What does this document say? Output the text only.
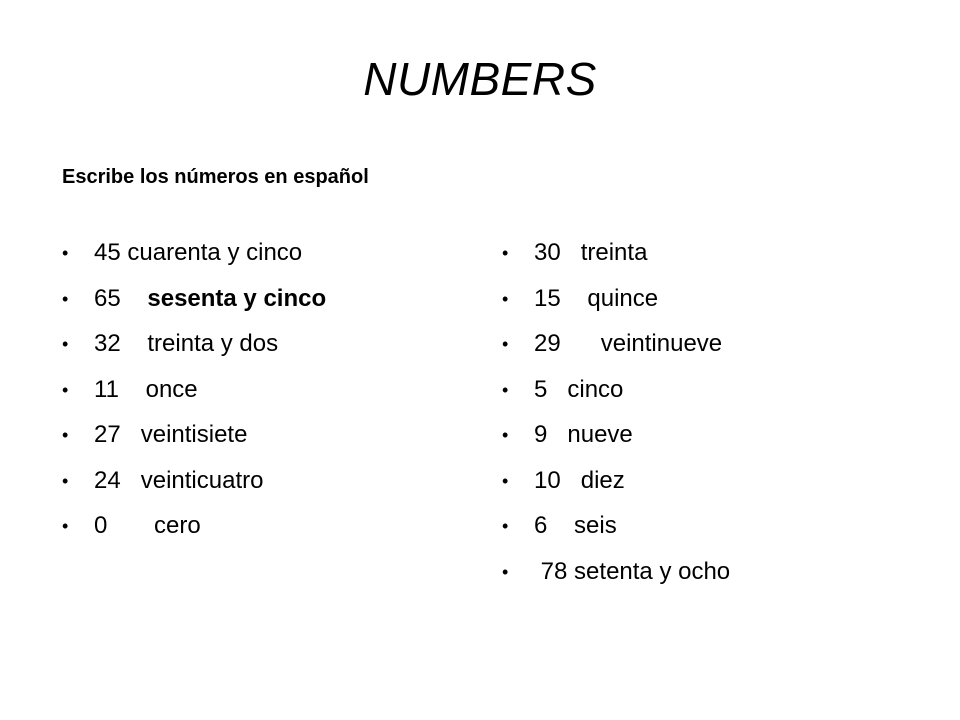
NUMBERS
Escribe los números en español
• 45 cuarenta y cinco
• 65 sesenta y cinco
• 32 treinta y dos
• 11 once
• 27 veintisiete
• 24 veinticuatro
• 0 cero
• 30 treinta
• 15 quince
• 29 veintinueve
• 5 cinco
• 9 nueve
• 10 diez
• 6 seis
• 78 setenta y ocho
